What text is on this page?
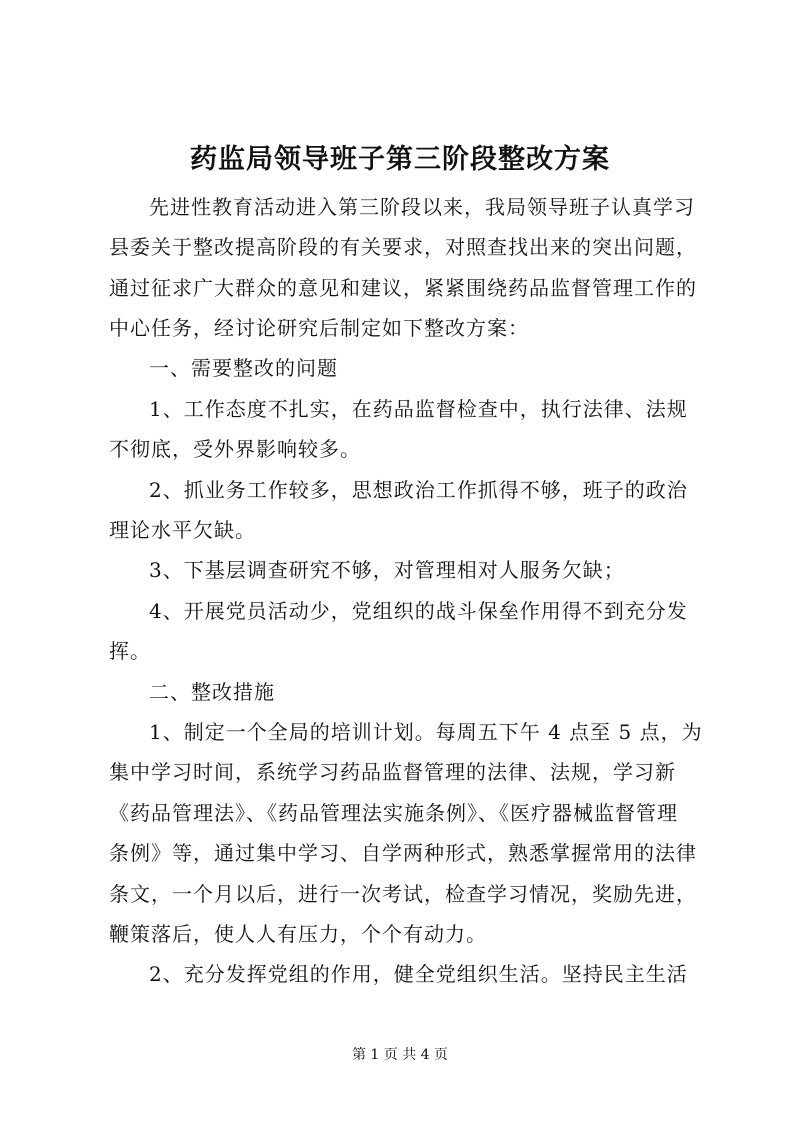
药监局领导班子第三阶段整改方案
先进性教育活动进入第三阶段以来，我局领导班子认真学习
县委关于整改提高阶段的有关要求，对照查找出来的突出问题，
通过征求广大群众的意见和建议，紧紧围绕药品监督管理工作的
中心任务，经讨论研究后制定如下整改方案：
一、需要整改的问题
1、工作态度不扎实，在药品监督检查中，执行法律、法规
不彻底，受外界影响较多。
2、抓业务工作较多，思想政治工作抓得不够，班子的政治
理论水平欠缺。
3、下基层调查研究不够，对管理相对人服务欠缺；
4、开展党员活动少，党组织的战斗保垒作用得不到充分发
挥。
二、整改措施
1、制定一个全局的培训计划。每周五下午 4 点至 5 点，为
集中学习时间，系统学习药品监督管理的法律、法规，学习新
《药品管理法》、《药品管理法实施条例》、《医疗器械监督管理
条例》等，通过集中学习、自学两种形式，熟悉掌握常用的法律
条文，一个月以后，进行一次考试，检查学习情况，奖励先进，
鞭策落后，使人人有压力，个个有动力。
2、充分发挥党组的作用，健全党组织生活。坚持民主生活
第 1 页 共 4 页
